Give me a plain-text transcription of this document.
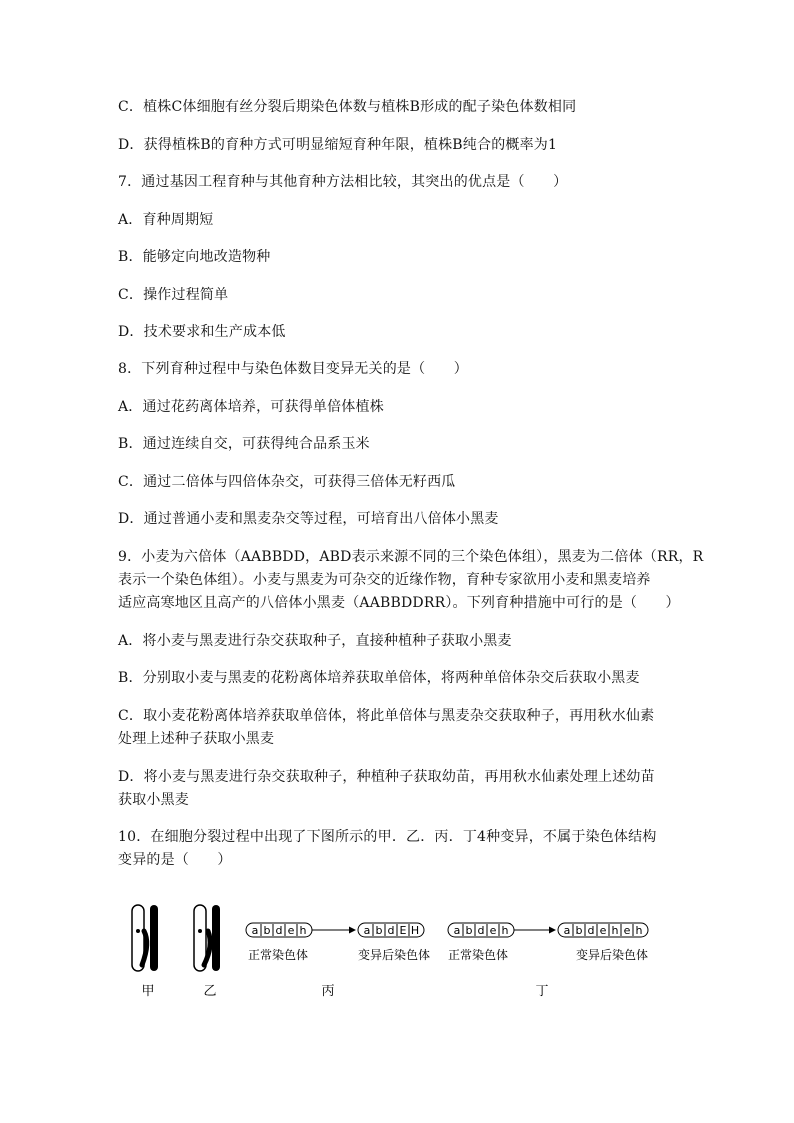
C．植株C体细胞有丝分裂后期染色体数与植株B形成的配子染色体数相同
D．获得植株B的育种方式可明显缩短育种年限，植株B纯合的概率为1
7．通过基因工程育种与其他育种方法相比较，其突出的优点是（　　）
A．育种周期短
B．能够定向地改造物种
C．操作过程简单
D．技术要求和生产成本低
8．下列育种过程中与染色体数目变异无关的是（　　）
A．通过花药离体培养，可获得单倍体植株
B．通过连续自交，可获得纯合品系玉米
C．通过二倍体与四倍体杂交，可获得三倍体无籽西瓜
D．通过普通小麦和黑麦杂交等过程，可培育出八倍体小黑麦
9．小麦为六倍体（AABBDD，ABD表示来源不同的三个染色体组），黑麦为二倍体（RR，R
表示一个染色体组）。小麦与黑麦为可杂交的近缘作物，育种专家欲用小麦和黑麦培养
适应高寒地区且高产的八倍体小黑麦（AABBDDRR）。下列育种措施中可行的是（　　）
A．将小麦与黑麦进行杂交获取种子，直接种植种子获取小黑麦
B．分别取小麦与黑麦的花粉离体培养获取单倍体，将两种单倍体杂交后获取小黑麦
C．取小麦花粉离体培养获取单倍体，将此单倍体与黑麦杂交获取种子，再用秋水仙素
处理上述种子获取小黑麦
D．将小麦与黑麦进行杂交获取种子，种植种子获取幼苗，再用秋水仙素处理上述幼苗
获取小黑麦
10．在细胞分裂过程中出现了下图所示的甲．乙．丙．丁4种变异，不属于染色体结构
变异的是（　　）
甲	乙
a b d e h	a b d E H
正常染色体	变异后染色体
丙
a b d e h	a b d e h e h
正常染色体	变异后染色体
丁
